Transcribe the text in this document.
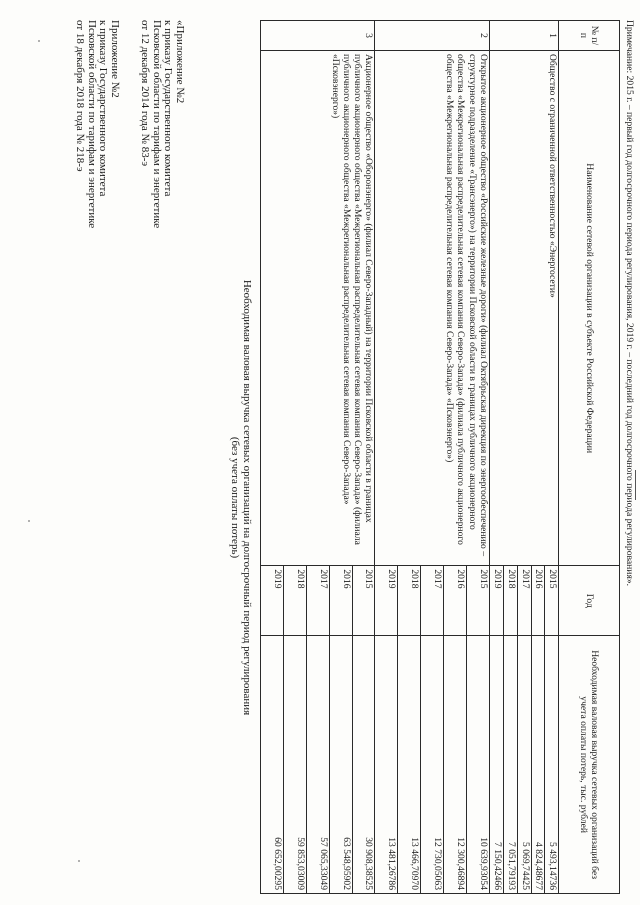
Приложение №2
к приказу Государственного комитета
Псковской области по тарифам и энергетике
от 18 декабря 2018 года № 218-э	«Приложение №2
к приказу Государственного комитета
Псковской области по тарифам и энергетике
от 12 декабря 2014 года № 83-э
Необходимая валовая выручка сетевых организаций на долгосрочный период регулирования
(без учета оплаты потерь)
№ п/п	Наименование сетевой организации в субъекте Российской Федерации	Год	Необходимая валовая выручка сетевых организаций без учета оплаты потерь, тыс. рублей
1	Общество с ограниченной ответственностью «Энергосети»	2015	5 493,14736
		2016	4 824,48677
		2017	5 069,74425
		2018	7 051,79193
		2019	7 150,42466
2	Открытое акционерное общество «Российские железные дороги» (филиал Октябрьская дирекция по энергообеспечению – структурное подразделение «Трансэнерго») на территории Псковской области в границах публичного акционерного общества «Межрегиональная распределительная сетевая компания Северо-Запада» (филиала публичного акционерного общества «Межрегиональная распределительная сетевая компания Северо-Запада» «Псковэнерго»)	2015	10 639,93054
		2016	12 300,46894
		2017	12 730,05063
		2018	13 466,70970
		2019	13 481,26786
3	Акционерное общество «Оборонэнерго» (филиал Северо-Западный) на территории Псковской области в границах публичного акционерного общества «Межрегиональная распределительная сетевая компания Северо-Запада» (филиала публичного акционерного общества «Межрегиональная распределительная сетевая компания Северо-Запада» «Псковэнерго»)	2015	30 908,38525
		2016	63 548,95902
		2017	57 065,33049
		2018	59 853,03009
		2019	60 652,00295
Примечание: 2015 г. – первый год долгосрочного периода регулирования, 2019 г. – последний год долгосрочного периода регулирования».
